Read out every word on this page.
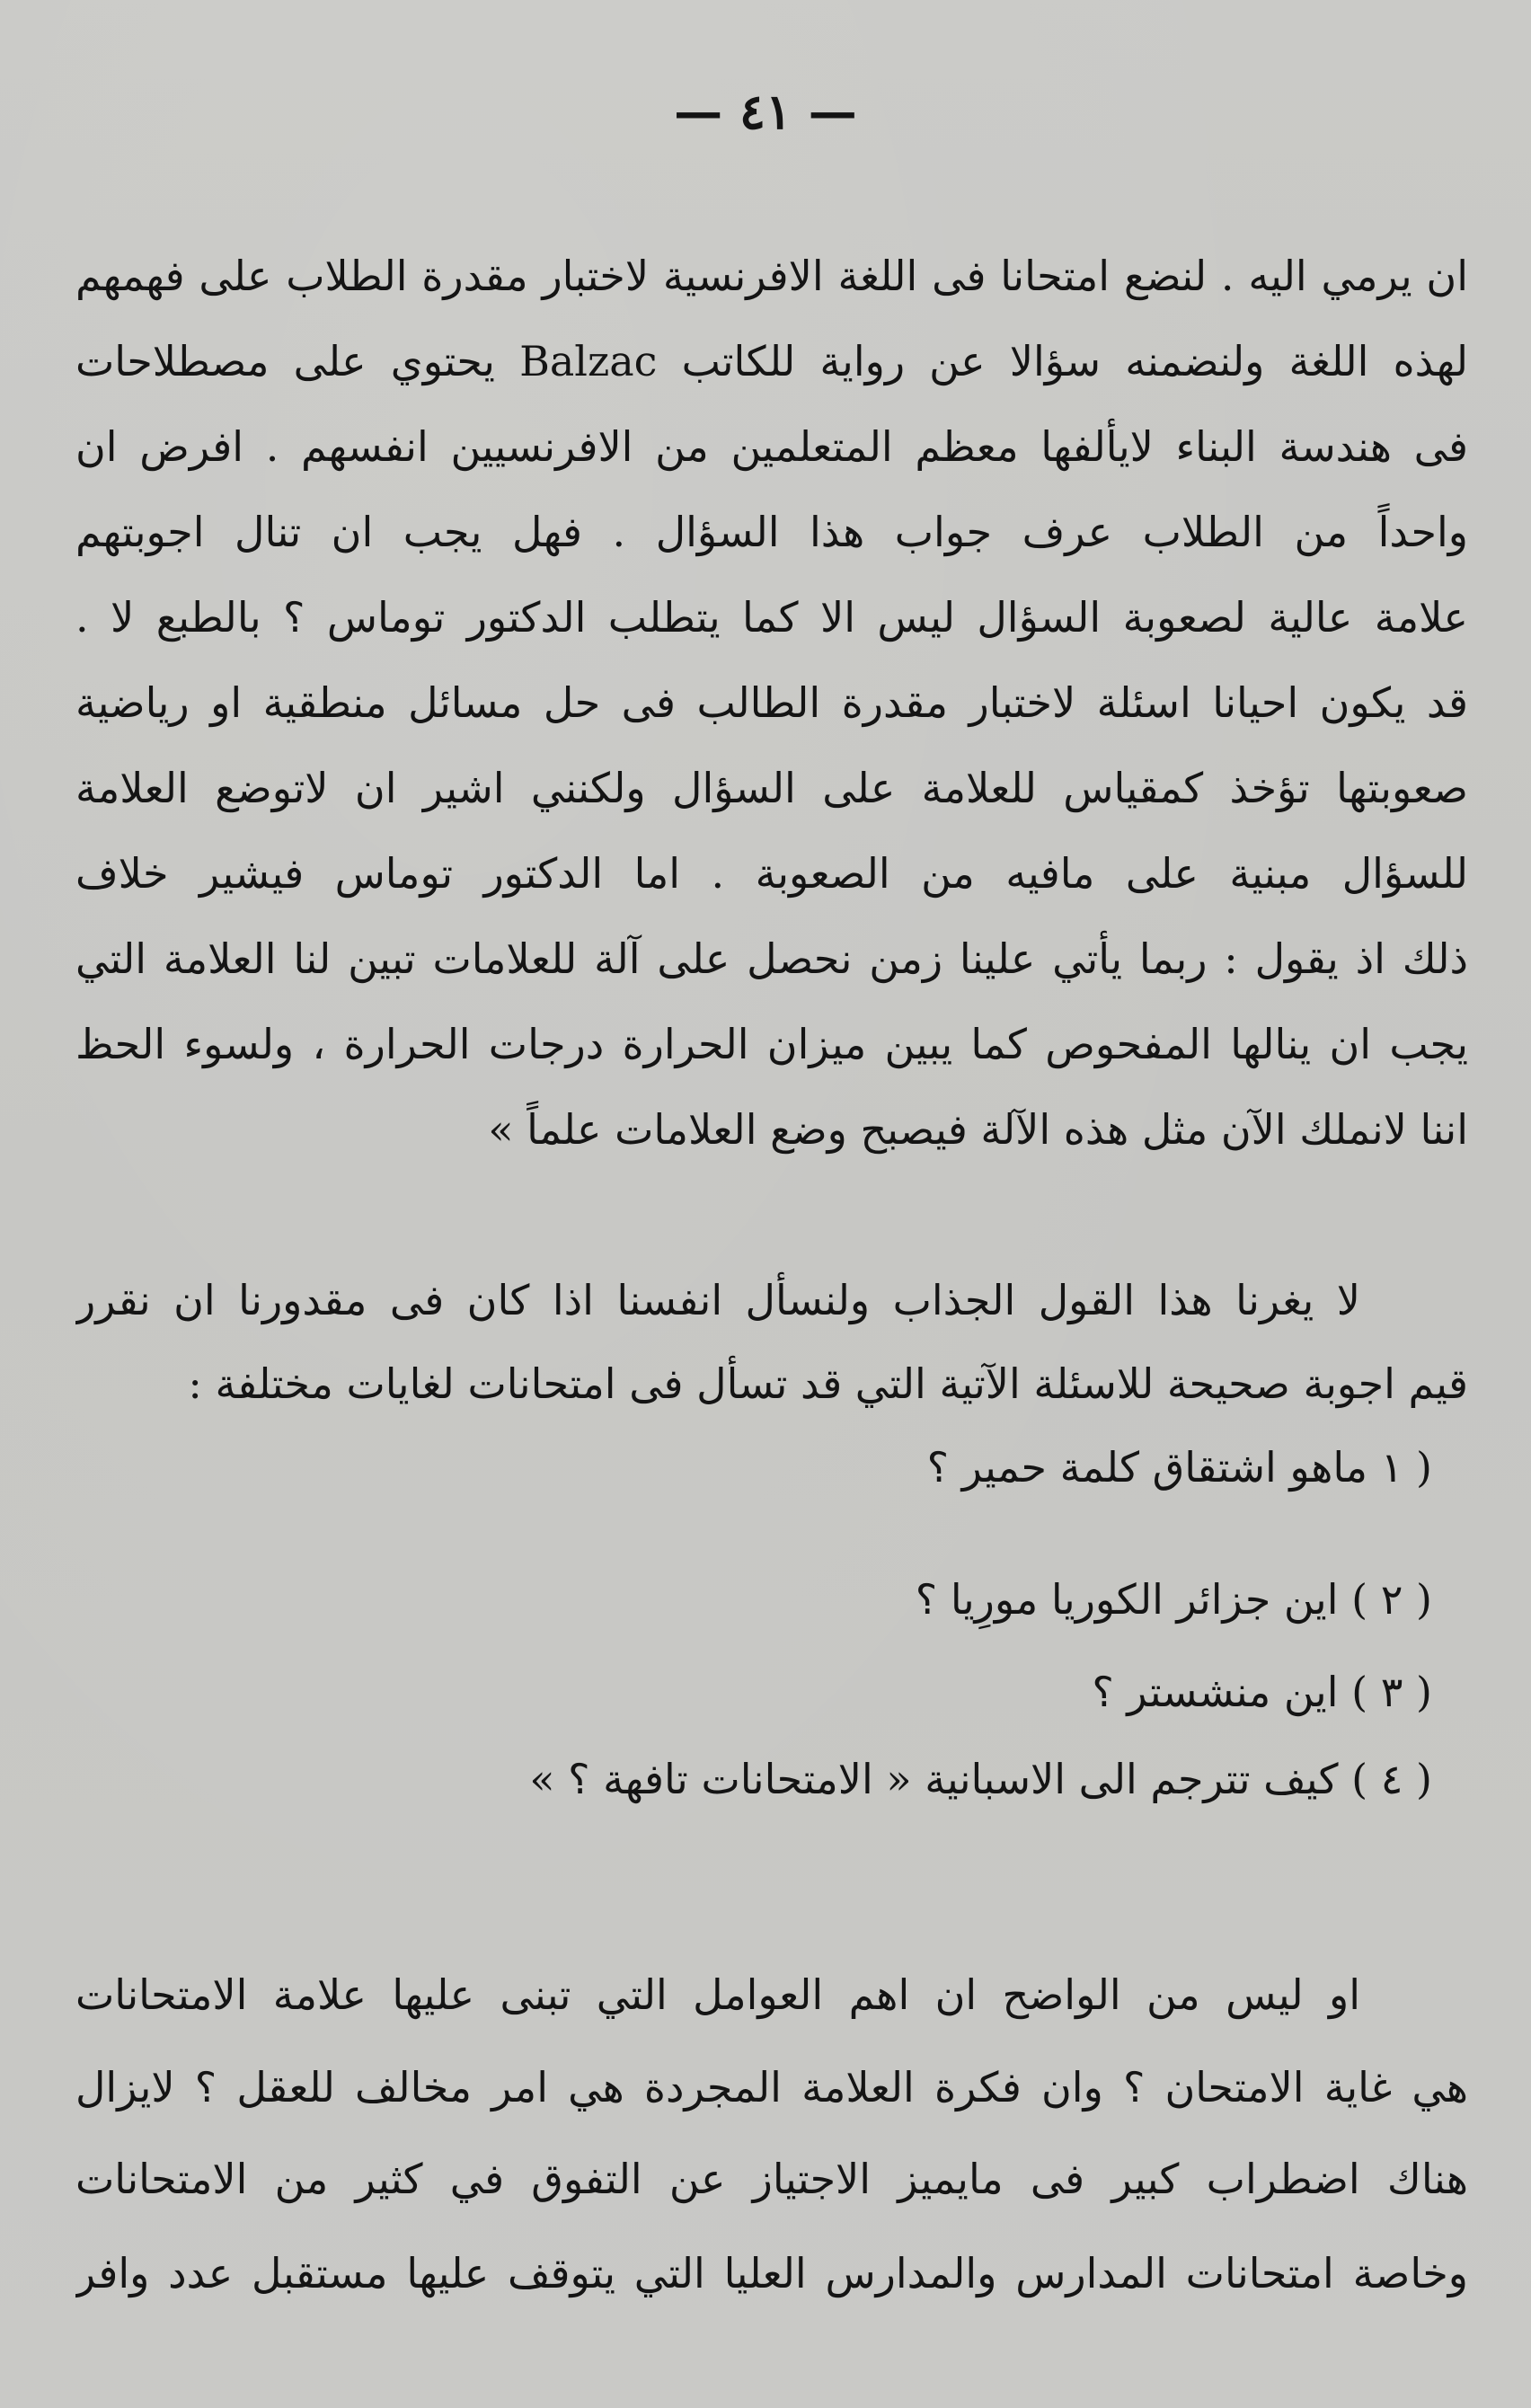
— ٤١ —
ان يرمي اليه . لنضع امتحانا فى اللغة الافرنسية لاختبار مقدرة الطلاب على فهمهم
لهذه اللغة ولنضمنه سؤالا عن رواية للكاتب Balzac يحتوي على مصطلاحات
فى هندسة البناء لايألفها معظم المتعلمين من الافرنسيين انفسهم . افرض ان
واحداً من الطلاب عرف جواب هذا السؤال . فهل يجب ان تنال اجوبتهم
علامة عالية لصعوبة السؤال ليس الا كما يتطلب الدكتور توماس ؟ بالطبع لا .
قد يكون احيانا اسئلة لاختبار مقدرة الطالب فى حل مسائل منطقية او رياضية
صعوبتها تؤخذ كمقياس للعلامة على السؤال ولكنني اشير ان لاتوضع العلامة
للسؤال مبنية على مافيه من الصعوبة . اما الدكتور توماس فيشير خلاف
ذلك اذ يقول : ربما يأتي علينا زمن نحصل على آلة للعلامات تبين لنا العلامة التي
يجب ان ينالها المفحوص كما يبين ميزان الحرارة درجات الحرارة ، ولسوء الحظ
اننا لانملك الآن مثل هذه الآلة فيصبح وضع العلامات علماً »
لا يغرنا هذا القول الجذاب ولنسأل انفسنا اذا كان فى مقدورنا ان نقرر
قيم اجوبة صحيحة للاسئلة الآتية التي قد تسأل فى امتحانات لغايات مختلفة :
( ١ ماهو اشتقاق كلمة حمير ؟
( ٢ ) اين جزائر الكوريا مورِيا ؟
( ٣ ) اين منشستر ؟
( ٤ ) كيف تترجم الى الاسبانية « الامتحانات تافهة ؟ »
او ليس من الواضح ان اهم العوامل التي تبنى عليها علامة الامتحانات
هي غاية الامتحان ؟ وان فكرة العلامة المجردة هي امر مخالف للعقل ؟ لايزال
هناك اضطراب كبير فى مايميز الاجتياز عن التفوق في كثير من الامتحانات
وخاصة امتحانات المدارس والمدارس العليا التي يتوقف عليها مستقبل عدد وافر
